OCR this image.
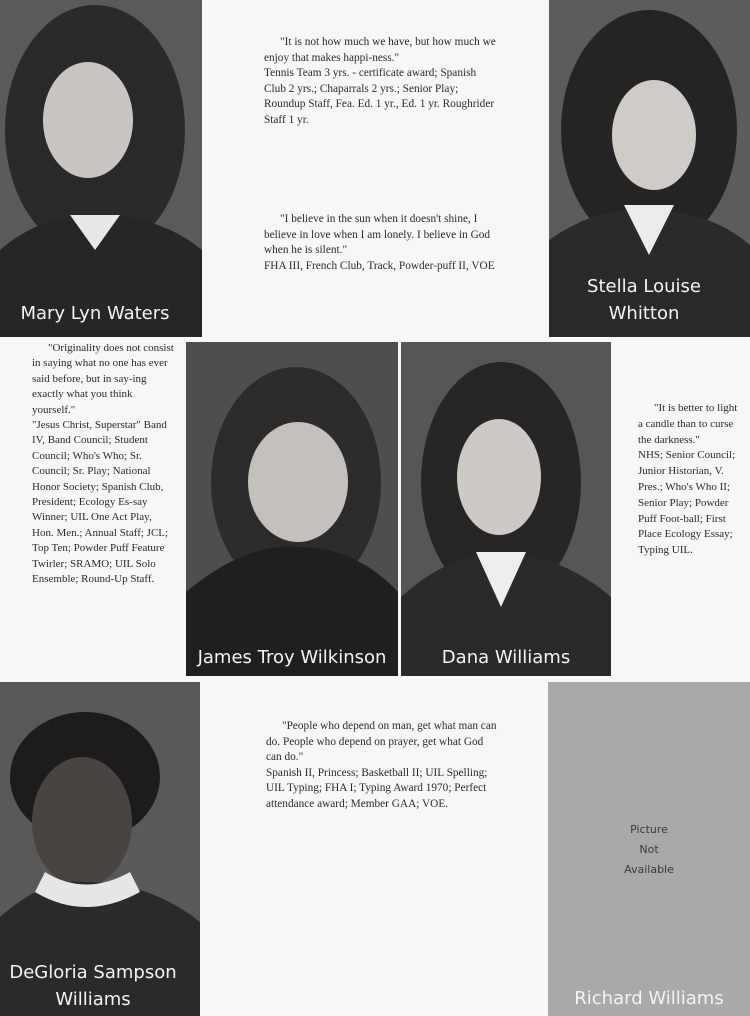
Mary Lyn Waters

"It is not how much we have, but how much we enjoy that makes happi-ness."

Tennis Team 3 yrs. - certificate award; Spanish Club 2 yrs.; Chaparrals 2 yrs.; Senior Play; Roundup Staff, Fea. Ed. 1 yr., Ed. 1 yr. Roughrider Staff 1 yr.

"I believe in the sun when it doesn't shine, I believe in love when I am lonely. I believe in God when he is silent."

FHA III, French Club, Track, Powder-puff II, VOE

Stella Louise
Whitton

"Originality does not consist in saying what no one has ever said before, but in say-ing exactly what you think yourself."

"Jesus Christ, Superstar" Band IV, Band Council; Student Council; Who's Who; Sr. Council; Sr. Play; National Honor Society; Spanish Club, President; Ecology Es-say Winner; UIL One Act Play, Hon. Men.; Annual Staff; JCL; Top Ten; Powder Puff Feature Twirler; SRAMO; UIL Solo Ensemble; Round-Up Staff.

James Troy Wilkinson	Dana Williams

"It is better to light a candle than to curse the darkness."

NHS; Senior Council; Junior Historian, V. Pres.; Who's Who II; Senior Play; Powder Puff Foot-ball; First Place Ecology Essay; Typing UIL.

DeGloria Sampson
Williams

"People who depend on man, get what man can do. People who depend on prayer, get what God can do."

Spanish II, Princess; Basketball II; UIL Spelling; UIL Typing; FHA I; Typing Award 1970; Perfect attendance award; Member GAA; VOE.

Picture
Not
Available
Richard Williams
